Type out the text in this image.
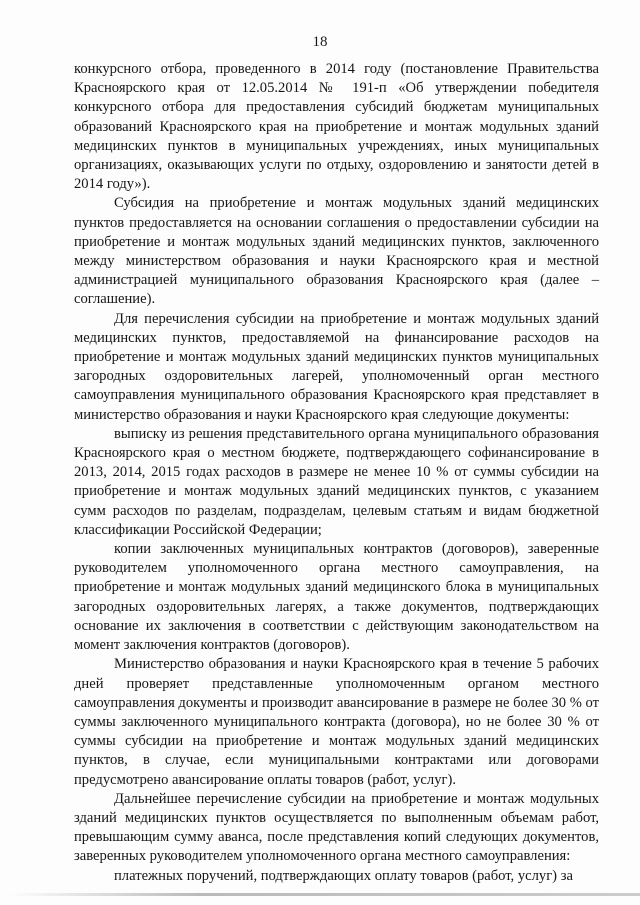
18

конкурсного отбора, проведенного в 2014 году (постановление Правительства Красноярского края от 12.05.2014 № 191-п «Об утверждении победителя конкурсного отбора для предоставления субсидий бюджетам муниципальных образований Красноярского края на приобретение и монтаж модульных зданий медицинских пунктов в муниципальных учреждениях, иных муниципальных организациях, оказывающих услуги по отдыху, оздоровлению и занятости детей в 2014 году»).

Субсидия на приобретение и монтаж модульных зданий медицинских пунктов предоставляется на основании соглашения о предоставлении субсидии на приобретение и монтаж модульных зданий медицинских пунктов, заключенного между министерством образования и науки Красноярского края и местной администрацией муниципального образования Красноярского края (далее – соглашение).

Для перечисления субсидии на приобретение и монтаж модульных зданий медицинских пунктов, предоставляемой на финансирование расходов на приобретение и монтаж модульных зданий медицинских пунктов муниципальных загородных оздоровительных лагерей, уполномоченный орган местного самоуправления муниципального образования Красноярского края представляет в министерство образования и науки Красноярского края следующие документы:

выписку из решения представительного органа муниципального образования Красноярского края о местном бюджете, подтверждающего софинансирование в 2013, 2014, 2015 годах расходов в размере не менее 10 % от суммы субсидии на приобретение и монтаж модульных зданий медицинских пунктов, с указанием сумм расходов по разделам, подразделам, целевым статьям и видам бюджетной классификации Российской Федерации;

копии заключенных муниципальных контрактов (договоров), заверенные руководителем уполномоченного органа местного самоуправления, на приобретение и монтаж модульных зданий медицинского блока в муниципальных загородных оздоровительных лагерях, а также документов, подтверждающих основание их заключения в соответствии с действующим законодательством на момент заключения контрактов (договоров).

Министерство образования и науки Красноярского края в течение 5 рабочих дней проверяет представленные уполномоченным органом местного самоуправления документы и производит авансирование в размере не более 30 % от суммы заключенного муниципального контракта (договора), но не более 30 % от суммы субсидии на приобретение и монтаж модульных зданий медицинских пунктов, в случае, если муниципальными контрактами или договорами предусмотрено авансирование оплаты товаров (работ, услуг).

Дальнейшее перечисление субсидии на приобретение и монтаж модульных зданий медицинских пунктов осуществляется по выполненным объемам работ, превышающим сумму аванса, после представления копий следующих документов, заверенных руководителем уполномоченного органа местного самоуправления:

платежных поручений, подтверждающих оплату товаров (работ, услуг) за
